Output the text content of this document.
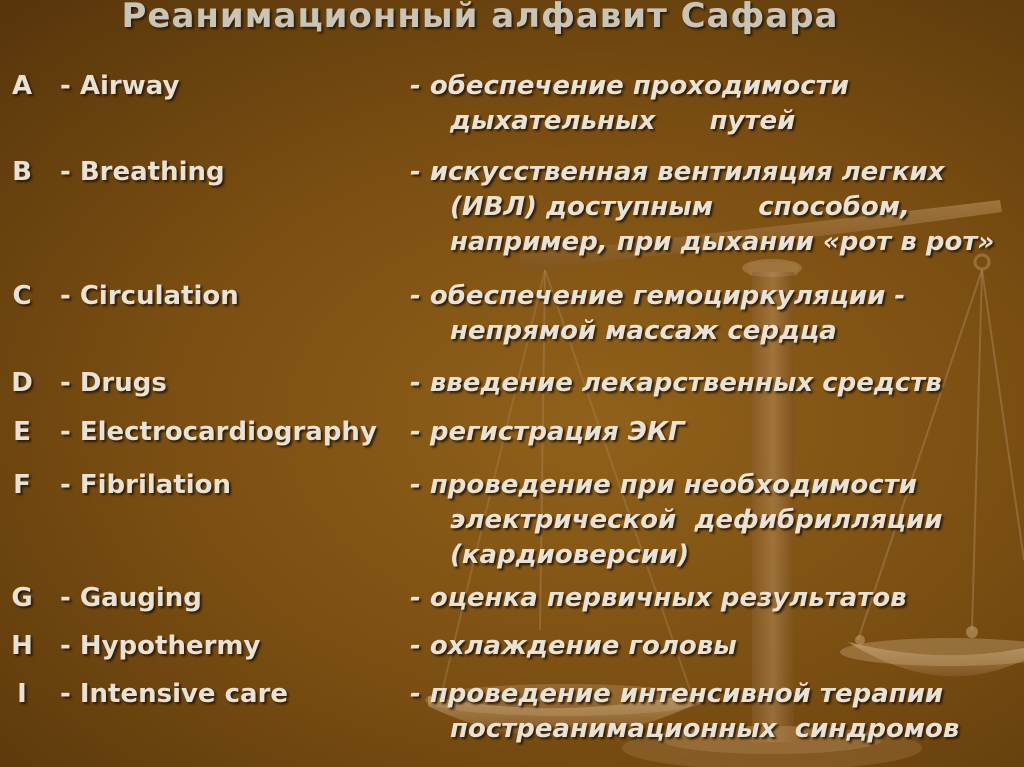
Реанимационный алфавит Сафара
A - Airway	- обеспечение проходимости
дыхательных      путей
B - Breathing	- искусственная вентиляция легких
(ИВЛ) доступным     способом,
например, при дыхании «рот в рот»
C - Circulation	- обеспечение гемоциркуляции -
непрямой массаж сердца
D - Drugs	- введение лекарственных средств
E - Electrocardiography - регистрация ЭКГ
F - Fibrilation	- проведение при необходимости
электрической  дефибрилляции
(кардиоверсии)
G - Gauging	- оценка первичных результатов
H - Hypothermy	- охлаждение головы
I	- Intensive care	- проведение интенсивной терапии
постреанимационных  синдромов
